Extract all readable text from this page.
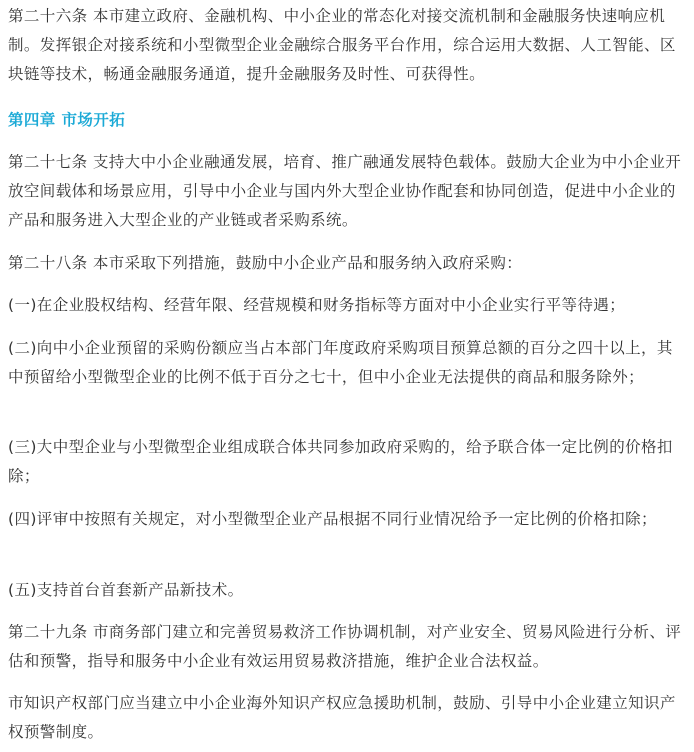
第二十六条 本市建立政府、金融机构、中小企业的常态化对接交流机制和金融服务快速响应机制。发挥银企对接系统和小型微型企业金融综合服务平台作用，综合运用大数据、人工智能、区块链等技术，畅通金融服务通道，提升金融服务及时性、可获得性。

第四章 市场开拓

第二十七条 支持大中小企业融通发展，培育、推广融通发展特色载体。鼓励大企业为中小企业开放空间载体和场景应用，引导中小企业与国内外大型企业协作配套和协同创造，促进中小企业的产品和服务进入大型企业的产业链或者采购系统。

第二十八条 本市采取下列措施，鼓励中小企业产品和服务纳入政府采购：

(一)在企业股权结构、经营年限、经营规模和财务指标等方面对中小企业实行平等待遇；

(二)向中小企业预留的采购份额应当占本部门年度政府采购项目预算总额的百分之四十以上，其中预留给小型微型企业的比例不低于百分之七十，但中小企业无法提供的商品和服务除外；

(三)大中型企业与小型微型企业组成联合体共同参加政府采购的，给予联合体一定比例的价格扣除；

(四)评审中按照有关规定，对小型微型企业产品根据不同行业情况给予一定比例的价格扣除；

(五)支持首台首套新产品新技术。

第二十九条 市商务部门建立和完善贸易救济工作协调机制，对产业安全、贸易风险进行分析、评估和预警，指导和服务中小企业有效运用贸易救济措施，维护企业合法权益。

市知识产权部门应当建立中小企业海外知识产权应急援助机制，鼓励、引导中小企业建立知识产权预警制度。
